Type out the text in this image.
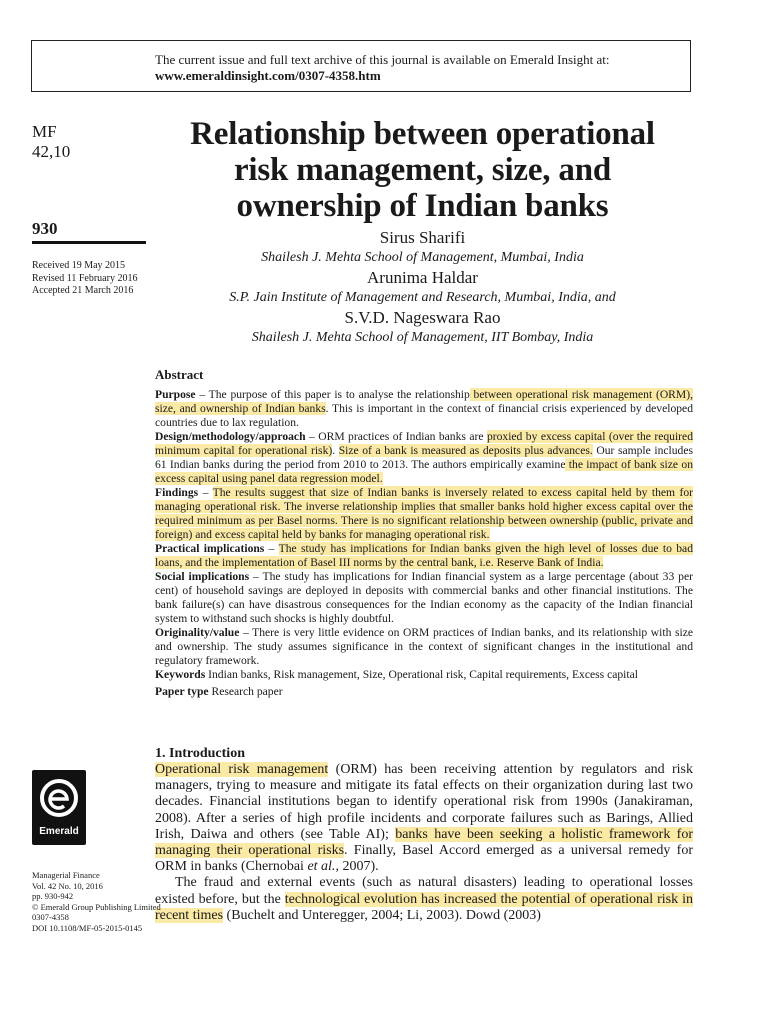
The current issue and full text archive of this journal is available on Emerald Insight at:
www.emeraldinsight.com/0307-4358.htm
MF
42,10
930
Received 19 May 2015
Revised 11 February 2016
Accepted 21 March 2016
Relationship between operational
risk management, size, and
ownership of Indian banks
Sirus Sharifi
Shailesh J. Mehta School of Management, Mumbai, India
Arunima Haldar
S.P. Jain Institute of Management and Research, Mumbai, India, and
S.V.D. Nageswara Rao
Shailesh J. Mehta School of Management, IIT Bombay, India
Abstract

Purpose – The purpose of this paper is to analyse the relationship between operational risk management (ORM), size, and ownership of Indian banks. This is important in the context of financial crisis experienced by developed countries due to lax regulation.

Design/methodology/approach – ORM practices of Indian banks are proxied by excess capital (over the required minimum capital for operational risk). Size of a bank is measured as deposits plus advances. Our sample includes 61 Indian banks during the period from 2010 to 2013. The authors empirically examine the impact of bank size on excess capital using panel data regression model.

Findings – The results suggest that size of Indian banks is inversely related to excess capital held by them for managing operational risk. The inverse relationship implies that smaller banks hold higher excess capital over the required minimum as per Basel norms. There is no significant relationship between ownership (public, private and foreign) and excess capital held by banks for managing operational risk.

Practical implications – The study has implications for Indian banks given the high level of losses due to bad loans, and the implementation of Basel III norms by the central bank, i.e. Reserve Bank of India.

Social implications – The study has implications for Indian financial system as a large percentage (about 33 per cent) of household savings are deployed in deposits with commercial banks and other financial institutions. The bank failure(s) can have disastrous consequences for the Indian economy as the capacity of the Indian financial system to withstand such shocks is highly doubtful.

Originality/value – There is very little evidence on ORM practices of Indian banks, and its relationship with size and ownership. The study assumes significance in the context of significant changes in the institutional and regulatory framework.

Keywords Indian banks, Risk management, Size, Operational risk, Capital requirements, Excess capital

Paper type Research paper

1. Introduction

Operational risk management (ORM) has been receiving attention by regulators and risk managers, trying to measure and mitigate its fatal effects on their organization during last two decades. Financial institutions began to identify operational risk from 1990s (Janakiraman, 2008). After a series of high profile incidents and corporate failures such as Barings, Allied Irish, Daiwa and others (see Table AI); banks have been seeking a holistic framework for managing their operational risks. Finally, Basel Accord emerged as a universal remedy for ORM in banks (Chernobai et al., 2007).

The fraud and external events (such as natural disasters) leading to operational losses existed before, but the technological evolution has increased the potential of operational risk in recent times (Buchelt and Unteregger, 2004; Li, 2003). Dowd (2003)

Emerald
Managerial Finance
Vol. 42 No. 10, 2016
pp. 930-942
© Emerald Group Publishing Limited
0307-4358
DOI 10.1108/MF-05-2015-0145
